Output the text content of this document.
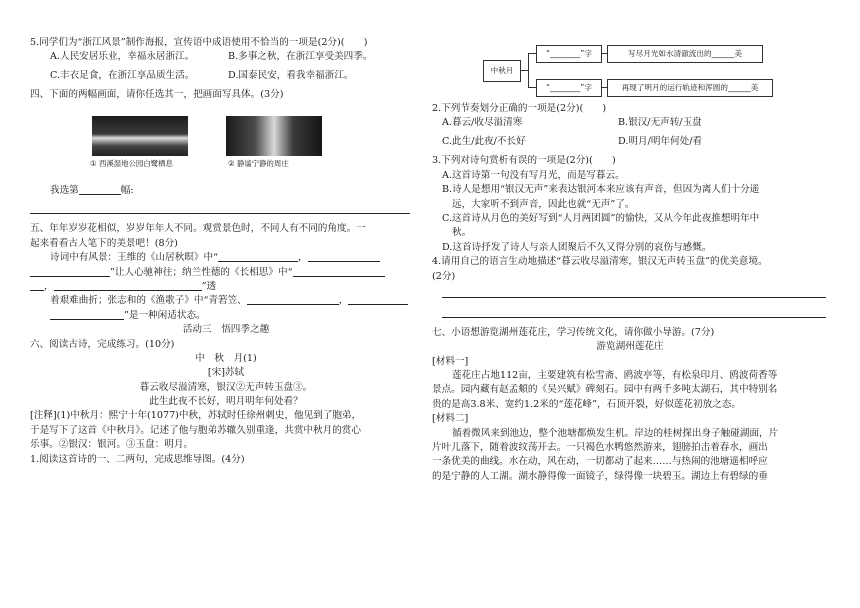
5.同学们为“浙江风景”制作海报，宣传语中成语使用不恰当的一项是(2分)(　　)

A.人民安居乐业，幸福永居浙江。	B.多事之秋，在浙江享受美四季。
C.丰衣足食，在浙江享品质生活。	D.国泰民安，看我幸福浙江。

四、下面的两幅画面，请你任选其一，把画面写具体。(3分)

① 西溪湿地公园白鹭栖息	② 静谧宁静的周庄

我选第	幅:

五、年年岁岁花相似，岁岁年年人不同。观赏景色时，不同人有不同的角度。一

起来看看古人笔下的美景吧！(8分)

诗词中有风景：王维的《山居秋暝》中“	，

”让人心驰神往；纳兰性德的《长相思》中“

，	”透

着艰难曲折；张志和的《渔歌子》中“青箬笠、	，

”是一种闲适状态。

活动三　悟四季之趣

六、阅读古诗，完成练习。(10分)

中　秋　月(1)

[宋]苏轼

暮云收尽溢清寒，银汉②无声转玉盘③。

此生此夜不长好，明月明年何处看？

[注释](1)中秋月：熙宁十年(1077)中秋，苏轼时任徐州刺史，他见到了胞弟，

于是写下了这首《中秋月》。记述了他与胞弟苏辙久别重逢，共赏中秋月的赏心

乐事。②银汉：银河。③玉盘：明月。

1.阅读这首诗的一、二两句，完成思维导图。(4分)

中秋月
“________”字
“________”字
写尽月光如水清澈流出的______美
再现了明月的运行轨迹和浑圆的______美

2.下列节奏划分正确的一项是(2分)(　　)

A.暮云/收尽溢清寒	B.银汉/无声转/玉盘
C.此生/此夜/不长好	D.明月/明年何处/看

3.下列对诗句赏析有误的一项是(2分)(　　)

A.这首诗第一句没有写月光，而是写暮云。

B.诗人是想用“银汉无声”来表达银河本来应该有声音，但因为离人们十分遥

远，大家听不到声音，因此也就“无声”了。

C.这首诗从月色的美好写到“人月两团圆”的愉快，又从今年此夜推想明年中

秋。

D.这首诗抒发了诗人与亲人团聚后不久又得分别的哀伤与感慨。

4.请用自己的语言生动地描述“暮云收尽溢清寒，银汉无声转玉盘”的优美意境。

(2分)

七、小语想游览湖州莲花庄，学习传统文化，请你做小导游。(7分)

游览湖州莲花庄

[材料一]

莲花庄占地112亩，主要建筑有松雪斋、鸥波亭等，有松泉印月、鸥波荷香等

景点。园内藏有赵孟頫的《吴兴赋》碑刻石。园中有两千多吨太湖石，其中特别名

贵的是高3.8米、宽约1.2米的“莲花峰”，石顶开裂，好似莲花初放之态。

[材料二]

循着微风来到池边，整个池塘都焕发生机。岸边的桂树探出身子触碰湖面，片

片叶儿落下，随着波纹荡开去。一只褐色水鸭悠然游来，翅膀拍击着春水，画出

一条优美的曲线。水在动，风在动，一切都动了起来……与热闹的池塘遥相呼应

的是宁静的人工湖。湖水静得像一面镜子，绿得像一块碧玉。湖边上有碧绿的垂
